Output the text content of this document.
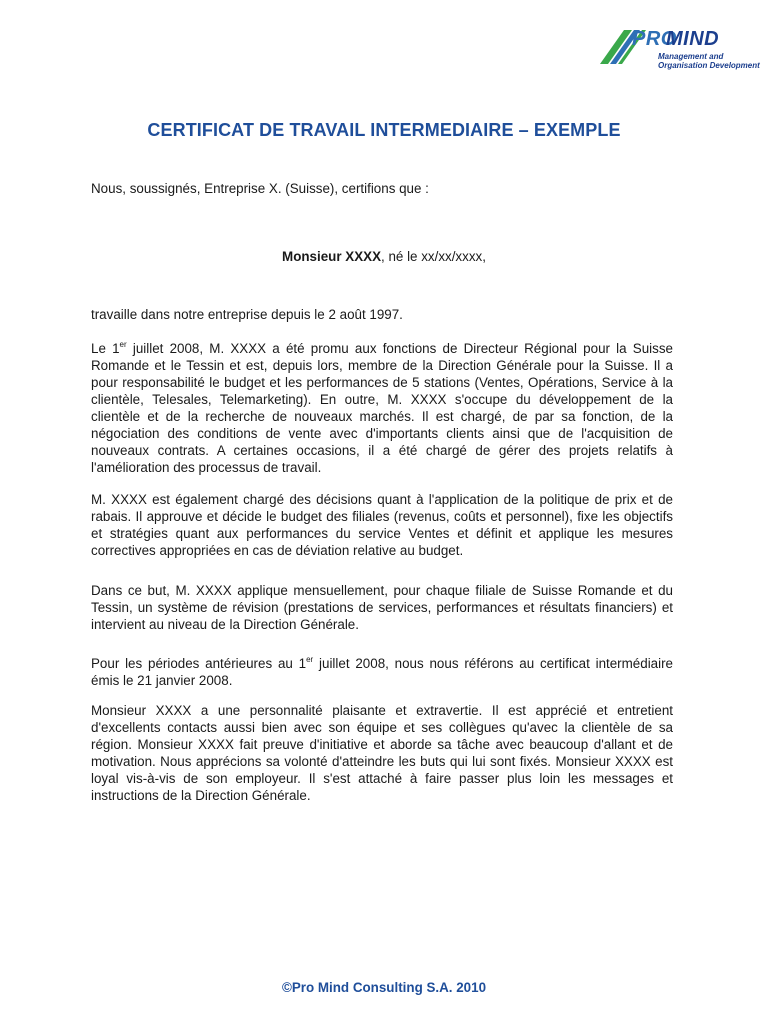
PRO
MIND
Management and
Organisation Development
CERTIFICAT DE TRAVAIL INTERMEDIAIRE – EXEMPLE
Nous, soussignés, Entreprise X. (Suisse), certifions que :
Monsieur XXXX, né le xx/xx/xxxx,
travaille dans notre entreprise depuis le 2 août 1997.
Le 1er juillet 2008, M. XXXX a été promu aux fonctions de Directeur Régional pour la Suisse Romande et le Tessin et est, depuis lors, membre de la Direction Générale pour la Suisse. Il a pour responsabilité le budget et les performances de 5 stations (Ventes, Opérations, Service à la clientèle, Telesales, Telemarketing). En outre, M. XXXX s'occupe du développement de la clientèle et de la recherche de nouveaux marchés. Il est chargé, de par sa fonction, de la négociation des conditions de vente avec d'importants clients ainsi que de l'acquisition de nouveaux contrats. A certaines occasions, il a été chargé de gérer des projets relatifs à l'amélioration des processus de travail.
M. XXXX est également chargé des décisions quant à l'application de la politique de prix et de rabais. Il approuve et décide le budget des filiales (revenus, coûts et personnel), fixe les objectifs et stratégies quant aux performances du service Ventes et définit et applique les mesures correctives appropriées en cas de déviation relative au budget.
Dans ce but, M. XXXX applique mensuellement, pour chaque filiale de Suisse Romande et du Tessin, un système de révision (prestations de services, performances et résultats financiers) et intervient au niveau de la Direction Générale.
Pour les périodes antérieures au 1er juillet 2008, nous nous référons au certificat intermédiaire émis le 21 janvier 2008.
Monsieur XXXX a une personnalité plaisante et extravertie. Il est apprécié et entretient d'excellents contacts aussi bien avec son équipe et ses collègues qu'avec la clientèle de sa région. Monsieur XXXX fait preuve d'initiative et aborde sa tâche avec beaucoup d'allant et de motivation. Nous apprécions sa volonté d'atteindre les buts qui lui sont fixés. Monsieur XXXX est loyal vis-à-vis de son employeur. Il s'est attaché à faire passer plus loin les messages et instructions de la Direction Générale.
©Pro Mind Consulting S.A. 2010
